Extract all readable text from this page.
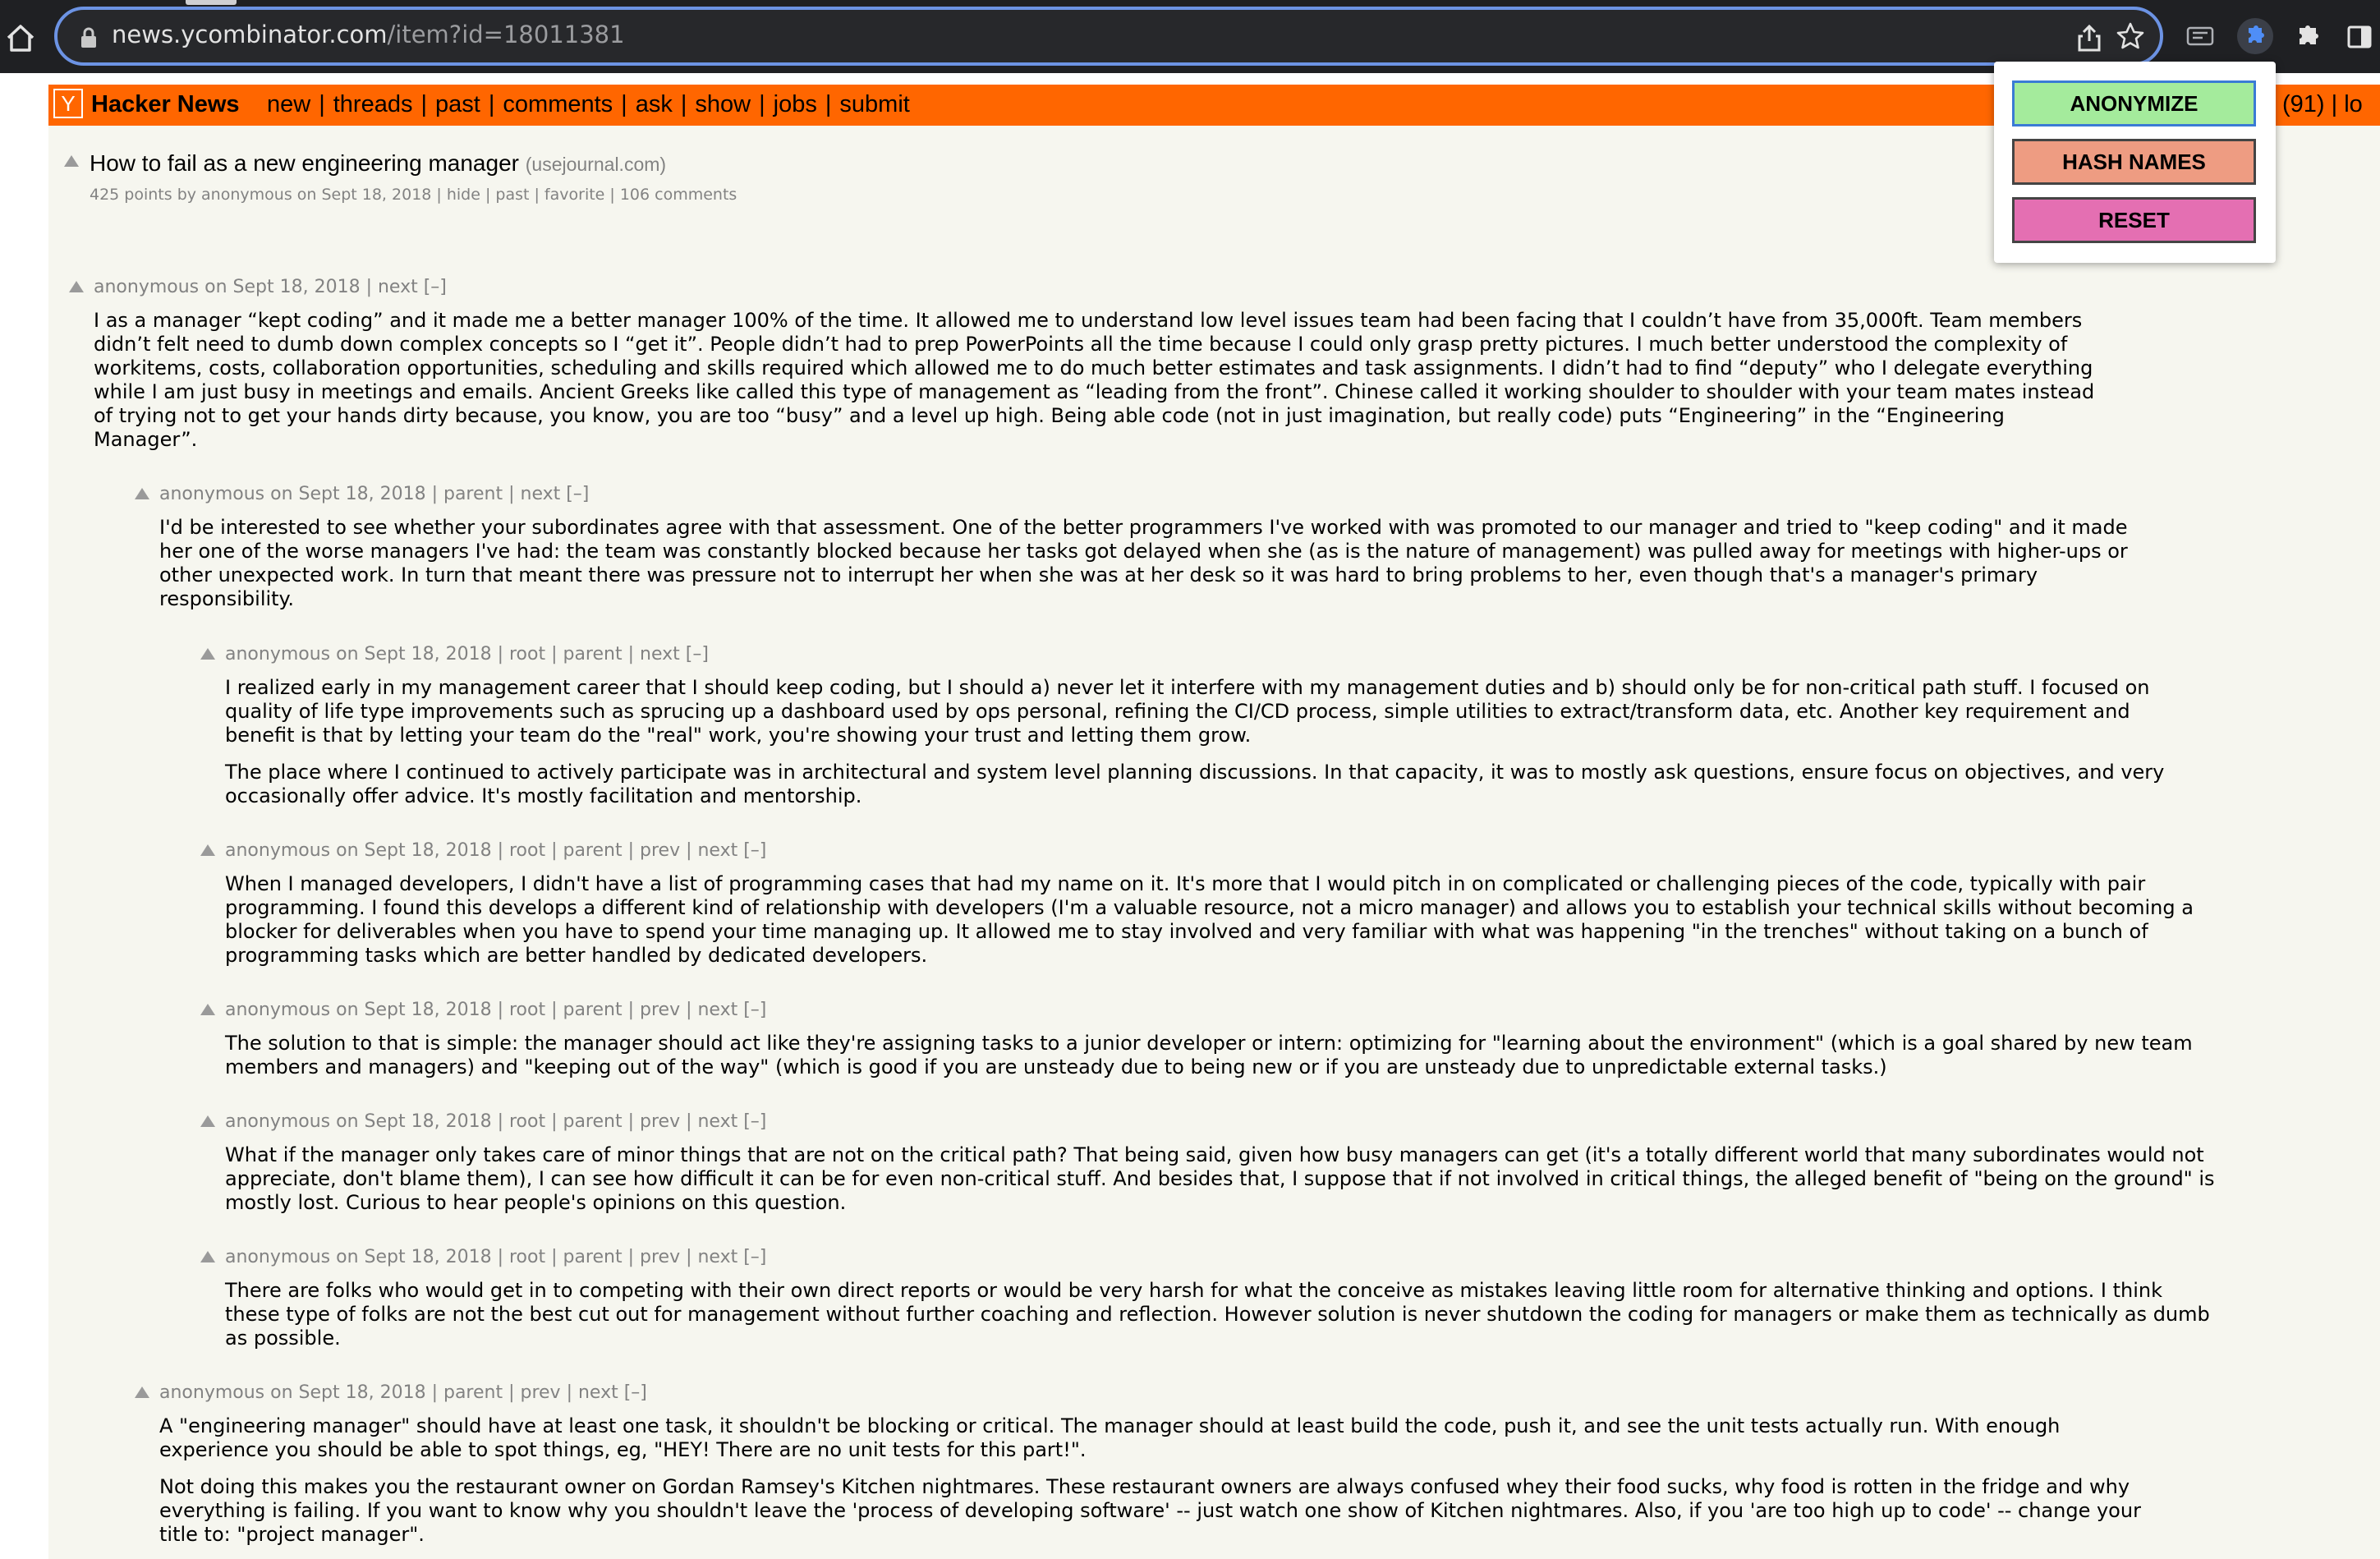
news.ycombinator.com/item?id=18011381
Y Hacker News new | threads | past | comments | ask | show | jobs | submit	(91) | lo
How to fail as a new engineering manager (usejournal.com)
425 points by anonymous on Sept 18, 2018 | hide | past | favorite | 106 comments
anonymous on Sept 18, 2018 | next [–]

I as a manager “kept coding” and it made me a better manager 100% of the time. It allowed me to understand low level issues team had been facing that I couldn’t have from 35,000ft. Team members didn’t felt need to dumb down complex concepts so I “get it”. People didn’t had to prep PowerPoints all the time because I could only grasp pretty pictures. I much better understood the complexity of workitems, costs, collaboration opportunities, scheduling and skills required which allowed me to do much better estimates and task assignments. I didn’t had to find “deputy” who I delegate everything while I am just busy in meetings and emails. Ancient Greeks like called this type of management as “leading from the front”. Chinese called it working shoulder to shoulder with your team mates instead of trying not to get your hands dirty because, you know, you are too “busy” and a level up high. Being able code (not in just imagination, but really code) puts “Engineering” in the “Engineering Manager”.

anonymous on Sept 18, 2018 | parent | next [–]

I'd be interested to see whether your subordinates agree with that assessment. One of the better programmers I've worked with was promoted to our manager and tried to "keep coding" and it made her one of the worse managers I've had: the team was constantly blocked because her tasks got delayed when she (as is the nature of management) was pulled away for meetings with higher-ups or other unexpected work. In turn that meant there was pressure not to interrupt her when she was at her desk so it was hard to bring problems to her, even though that's a manager's primary responsibility.

anonymous on Sept 18, 2018 | root | parent | next [–]

I realized early in my management career that I should keep coding, but I should a) never let it interfere with my management duties and b) should only be for non-critical path stuff. I focused on quality of life type improvements such as sprucing up a dashboard used by ops personal, refining the CI/CD process, simple utilities to extract/transform data, etc. Another key requirement and benefit is that by letting your team do the "real" work, you're showing your trust and letting them grow.

The place where I continued to actively participate was in architectural and system level planning discussions. In that capacity, it was to mostly ask questions, ensure focus on objectives, and very occasionally offer advice. It's mostly facilitation and mentorship.

anonymous on Sept 18, 2018 | root | parent | prev | next [–]

When I managed developers, I didn't have a list of programming cases that had my name on it. It's more that I would pitch in on complicated or challenging pieces of the code, typically with pair programming. I found this develops a different kind of relationship with developers (I'm a valuable resource, not a micro manager) and allows you to establish your technical skills without becoming a blocker for deliverables when you have to spend your time managing up. It allowed me to stay involved and very familiar with what was happening "in the trenches" without taking on a bunch of programming tasks which are better handled by dedicated developers.

anonymous on Sept 18, 2018 | root | parent | prev | next [–]

The solution to that is simple: the manager should act like they're assigning tasks to a junior developer or intern: optimizing for "learning about the environment" (which is a goal shared by new team members and managers) and "keeping out of the way" (which is good if you are unsteady due to being new or if you are unsteady due to unpredictable external tasks.)

anonymous on Sept 18, 2018 | root | parent | prev | next [–]

What if the manager only takes care of minor things that are not on the critical path? That being said, given how busy managers can get (it's a totally different world that many subordinates would not appreciate, don't blame them), I can see how difficult it can be for even non-critical stuff. And besides that, I suppose that if not involved in critical things, the alleged benefit of "being on the ground" is mostly lost. Curious to hear people's opinions on this question.

anonymous on Sept 18, 2018 | root | parent | prev | next [–]

There are folks who would get in to competing with their own direct reports or would be very harsh for what the conceive as mistakes leaving little room for alternative thinking and options. I think these type of folks are not the best cut out for management without further coaching and reflection. However solution is never shutdown the coding for managers or make them as technically as dumb as possible.

anonymous on Sept 18, 2018 | parent | prev | next [–]

A "engineering manager" should have at least one task, it shouldn't be blocking or critical. The manager should at least build the code, push it, and see the unit tests actually run. With enough experience you should be able to spot things, eg, "HEY! There are no unit tests for this part!".

Not doing this makes you the restaurant owner on Gordan Ramsey's Kitchen nightmares. These restaurant owners are always confused whey their food sucks, why food is rotten in the fridge and why everything is failing. If you want to know why you shouldn't leave the 'process of developing software' -- just watch one show of Kitchen nightmares. Also, if you 'are too high up to code' -- change your title to: "project manager".

ANONYMIZE
HASH NAMES
RESET
